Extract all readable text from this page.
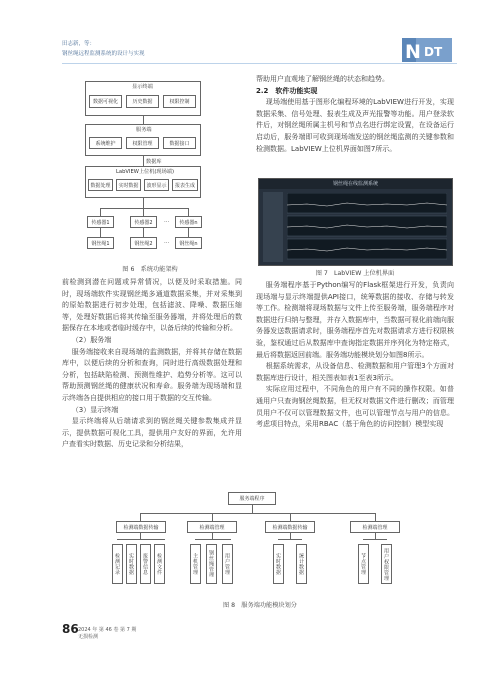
田志新，等：
钢丝绳远程监测系统的设计与实现	N DT
显示终端
数据可视化	历史数据	权限控制
服务端
系统维护	权限管理	数据接口
数据库
LabVIEW上位机(现场端)
数据处理	实时数据	波形显示	报表生成
传感器1	传感器2	…	传感器n
钢丝绳1	钢丝绳2	…	钢丝绳n
图 6　系统功能架构

前检测到潜在问题或异常情况，以便及时采取措施。同时，现场端软件实现钢丝绳多通道数据采集，并对采集到的原始数据进行初步处理，包括滤波、降噪、数据压缩等，处理好数据后将其传输至服务器端，并将处理后的数据保存在本地或者临时缓存中，以备后续的传输和分析。

（2）服务端

服务端接收来自现场端的监测数据，并将其存储在数据库中，以便后续的分析和查询，同时进行高级数据处理和分析，包括缺陷检测、预测性维护、趋势分析等。这可以帮助预测钢丝绳的健康状况和寿命。服务端为现场端和显示终端各自提供相应的接口用于数据的交互传输。

（3）显示终端

显示终端将从后端请求到的钢丝绳关键参数集成并显示，提供数据可视化工具，提供用户友好的界面，允许用户查看实时数据、历史记录和分析结果，

帮助用户直观地了解钢丝绳的状态和趋势。

2.2　软件功能实现

现场端使用基于图形化编程环境的LabVIEW进行开发，实现数据采集、信号处理、报表生成及声光报警等功能。用户登录软件后，对钢丝绳所属主机号和节点名进行绑定设置，在设备运行启动后，服务端即可收到现场端发送的钢丝绳监测的关键参数和检测数据。LabVIEW上位机界面如图7所示。

钢丝绳在线监测系统
图 7　LabVIEW 上位机界面

服务端程序基于Python编写的Flask框架进行开发，负责向现场端与显示终端提供API接口，统筹数据的接收、存储与转发等工作。检测端将现场数据与文件上传至服务端，服务端程序对数据进行归纳与整理，并存入数据库中，当数据可视化前端向服务器发送数据请求时，服务端程序首先对数据请求方进行权限核验，鉴权通过后从数据库中查询指定数据并序列化为特定格式，最后将数据返回前端。服务端功能模块划分如图8所示。

根据系统需求，从设备信息、检测数据和用户管理3个方面对数据库进行设计，相关图表如表1至表3所示。

实际应用过程中，不同角色的用户有不同的操作权限。如普通用户只查询钢丝绳数据，但无权对数据文件进行删改；而管理员用户不仅可以管理数据文件，也可以管理节点与用户的信息。考虑项目特点，采用RBAC（基于角色的访问控制）模型实现

服务端程序
检测端数据传输
检测记录	实时数据	报警信息	检测文件
检测端管理
主机管理	钢丝绳管理	用户管理
检测端数据传输
实时数据	统计数据
检测端管理
节点管理	用户权限管理
图 8　服务端功能模块划分
86 2024 年 第 46 卷 第 7 期
无损检测
